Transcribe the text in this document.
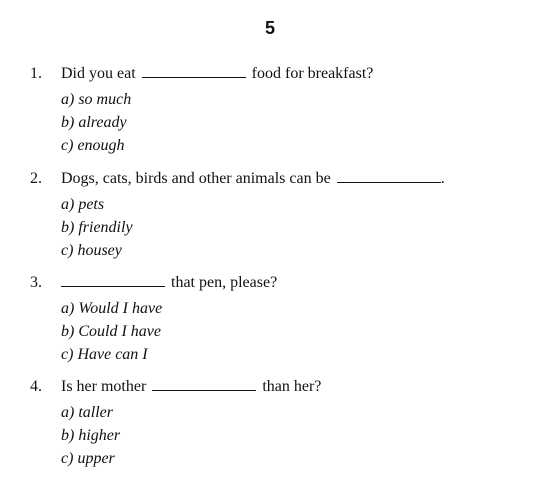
5
1.	Did you eat	food for breakfast?
a) so much
b) already
c) enough
2.	Dogs, cats, birds and other animals can be	.
a) pets
b) friendily
c) housey
3.	that pen, please?
a) Would I have
b) Could I have
c) Have can I
4.	Is her mother	than her?
a) taller
b) higher
c) upper
